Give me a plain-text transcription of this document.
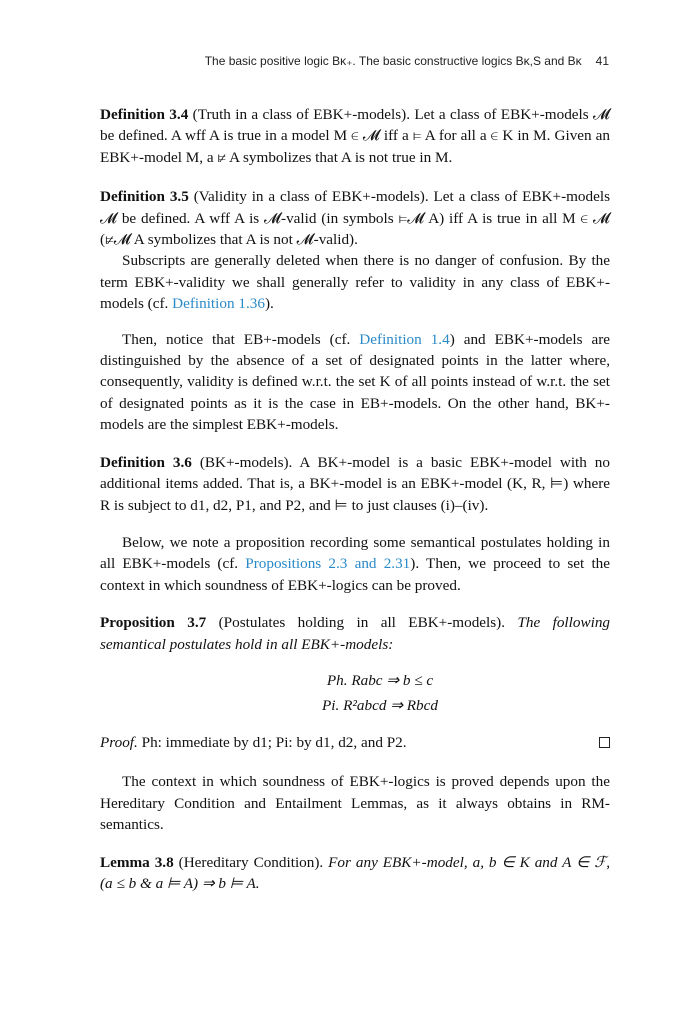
The basic positive logic Bᴋ₊. The basic constructive logics Bᴋ,S and Bᴋ 41

Definition 3.4 (Truth in a class of EBK+-models). Let a class of EBK+-models 𝓜 be defined. A wff A is true in a model M ∈ 𝓜 iff a ⊨ A for all a ∈ K in M. Given an EBK+-model M, a ⊭ A symbolizes that A is not true in M.

Definition 3.5 (Validity in a class of EBK+-models). Let a class of EBK+-models 𝓜 be defined. A wff A is 𝓜-valid (in symbols ⊨𝓜 A) iff A is true in all M ∈ 𝓜 (⊭𝓜 A symbolizes that A is not 𝓜-valid).

Subscripts are generally deleted when there is no danger of confusion. By the term EBK+-validity we shall generally refer to validity in any class of EBK+-models (cf. Definition 1.36).

Then, notice that EB+-models (cf. Definition 1.4) and EBK+-models are distinguished by the absence of a set of designated points in the latter where, consequently, validity is defined w.r.t. the set K of all points instead of w.r.t. the set of designated points as it is the case in EB+-models. On the other hand, BK+-models are the simplest EBK+-models.

Definition 3.6 (BK+-models). A BK+-model is a basic EBK+-model with no additional items added. That is, a BK+-model is an EBK+-model (K, R, ⊨) where R is subject to d1, d2, P1, and P2, and ⊨ to just clauses (i)–(iv).

Below, we note a proposition recording some semantical postulates holding in all EBK+-models (cf. Propositions 2.3 and 2.31). Then, we proceed to set the context in which soundness of EBK+-logics can be proved.

Proposition 3.7 (Postulates holding in all EBK+-models). The following semantical postulates hold in all EBK+-models:

Ph. Rabc ⇒ b ≤ c
Pi. R²abcd ⇒ Rbcd

Proof. Ph: immediate by d1; Pi: by d1, d2, and P2.

The context in which soundness of EBK+-logics is proved depends upon the Hereditary Condition and Entailment Lemmas, as it always obtains in RM-semantics.

Lemma 3.8 (Hereditary Condition). For any EBK+-model, a, b ∈ K and A ∈ ℱ, (a ≤ b & a ⊨ A) ⇒ b ⊨ A.
